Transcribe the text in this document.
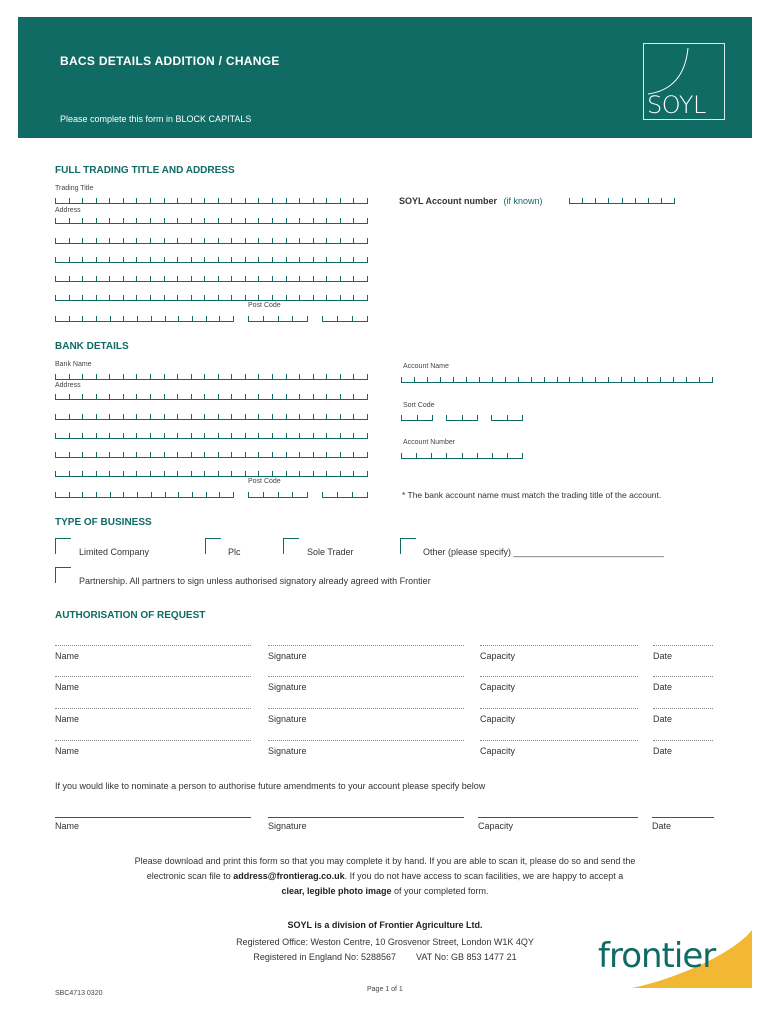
BACS DETAILS ADDITION / CHANGE
Please complete this form in BLOCK CAPITALS	SOYL
FULL TRADING TITLE AND ADDRESS
Trading Title
Address
Post Code
SOYL Account number (if known)
BANK DETAILS
Bank Name
Address
Post Code
Account Name
Sort Code
Account Number
* The bank account name must match the trading title of the account.
TYPE OF BUSINESS
Limited Company	Plc	Sole Trader	Other (please specify) ______________________________
Partnership. All partners to sign unless authorised signatory already agreed with Frontier
AUTHORISATION OF REQUEST
Name	Signature	Capacity	Date
Name	Signature	Capacity	Date
Name	Signature	Capacity	Date
Name	Signature	Capacity	Date
If you would like to nominate a person to authorise future amendments to your account please specify below
Name	Signature	Capacity	Date
Please download and print this form so that you may complete it by hand. If you are able to scan it, please do so and send the
electronic scan file to address@frontierag.co.uk. If you do not have access to scan facilities, we are happy to accept a
clear, legible photo image of your completed form.
SOYL is a division of Frontier Agriculture Ltd.
Registered Office: Weston Centre, 10 Grosvenor Street, London W1K 4QY
Registered in England No: 5288567        VAT No: GB 853 1477 21
Page 1 of 1
SBC4713 0320
frontier
